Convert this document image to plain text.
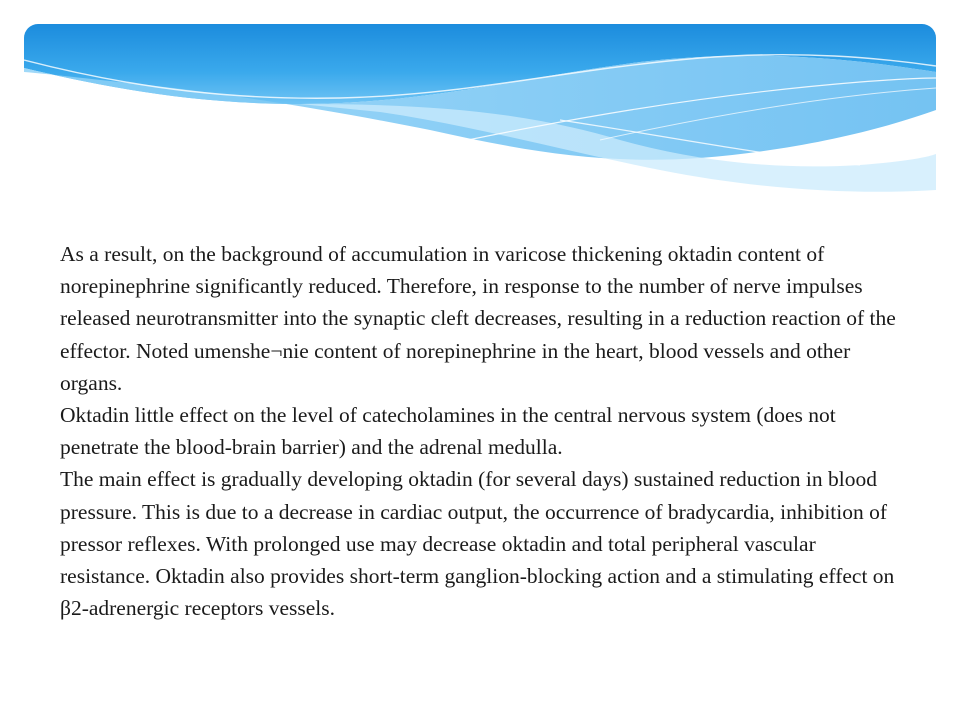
As a result, on the background of accumulation in varicose thickening oktadin content of norepinephrine significantly reduced. Therefore, in response to the number of nerve impulses released neurotransmitter into the synaptic cleft decreases, resulting in a reduction reaction of the effector. Noted umenshe¬nie content of norepinephrine in the heart, blood vessels and other organs.

Oktadin little effect on the level of catecholamines in the central nervous system (does not penetrate the blood-brain barrier) and the adrenal medulla.

The main effect is gradually developing oktadin (for several days) sustained reduction in blood pressure. This is due to a decrease in cardiac output, the occurrence of bradycardia, inhibition of pressor reflexes. With prolonged use may decrease oktadin and total peripheral vascular resistance. Oktadin also provides short-term ganglion-blocking action and a stimulating effect on β2-adrenergic receptors vessels.
